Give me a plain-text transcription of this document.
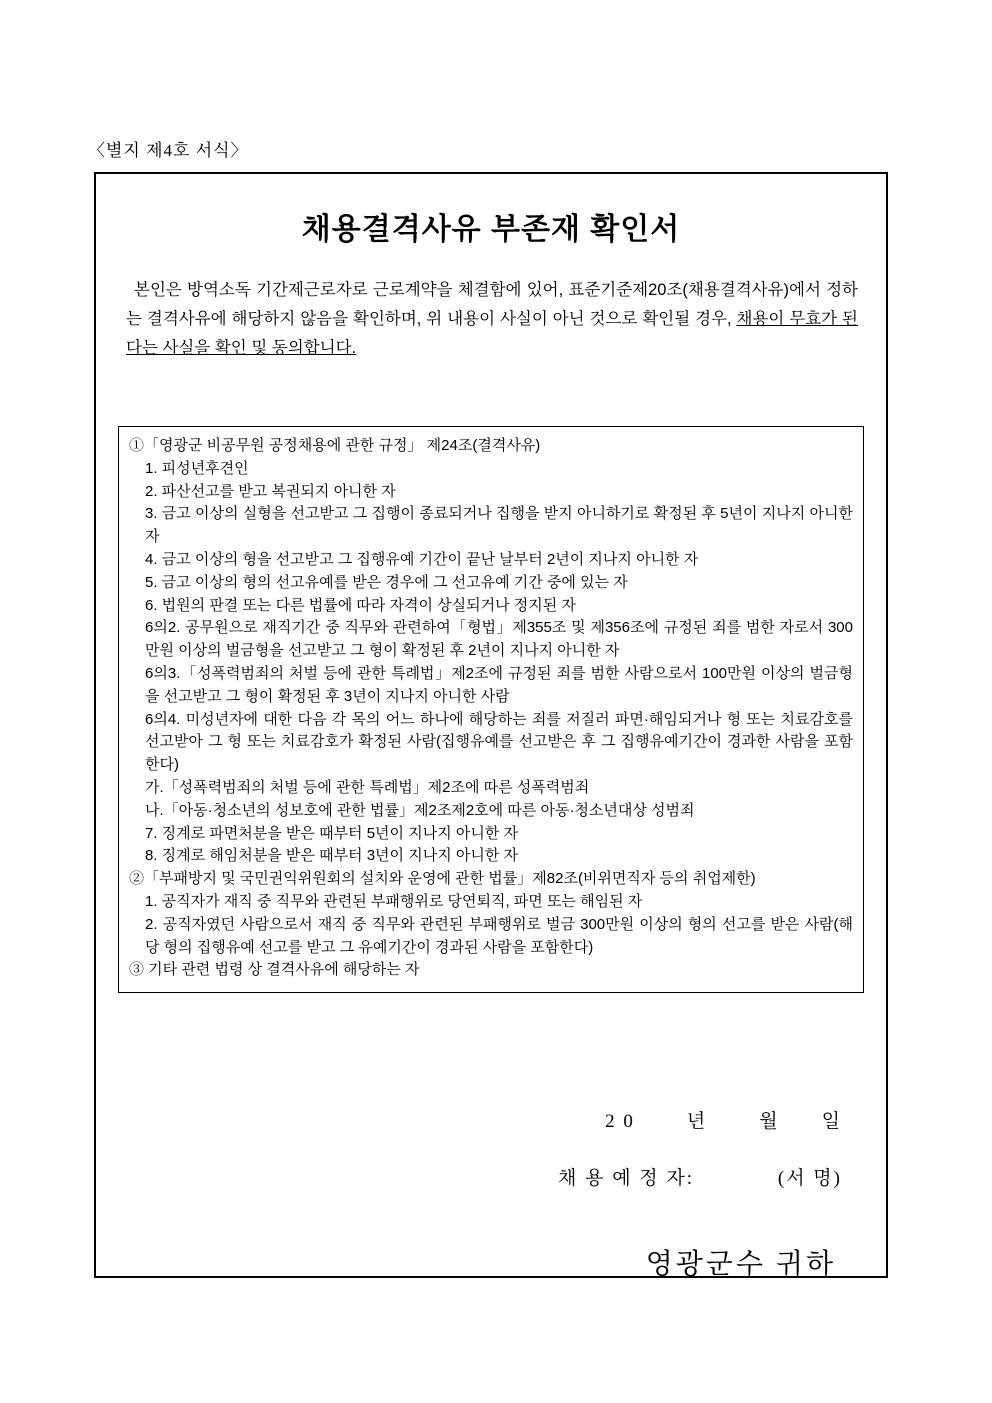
〈별지 제4호 서식〉
채용결격사유 부존재 확인서
본인은 방역소독 기간제근로자로 근로계약을 체결함에 있어, 표준기준제20조(채용결격사유)에서 정하는 결격사유에 해당하지 않음을 확인하며, 위 내용이 사실이 아닌 것으로 확인될 경우, 채용이 무효가 된다는 사실을 확인 및 동의합니다.
①「영광군 비공무원 공정채용에 관한 규정」 제24조(결격사유)
1. 피성년후견인
2. 파산선고를 받고 복권되지 아니한 자
3. 금고 이상의 실형을 선고받고 그 집행이 종료되거나 집행을 받지 아니하기로 확정된 후 5년이 지나지 아니한 자
4. 금고 이상의 형을 선고받고 그 집행유예 기간이 끝난 날부터 2년이 지나지 아니한 자
5. 금고 이상의 형의 선고유예를 받은 경우에 그 선고유예 기간 중에 있는 자
6. 법원의 판결 또는 다른 법률에 따라 자격이 상실되거나 정지된 자
6의2. 공무원으로 재직기간 중 직무와 관련하여「형법」제355조 및 제356조에 규정된 죄를 범한 자로서 300만원 이상의 벌금형을 선고받고 그 형이 확정된 후 2년이 지나지 아니한 자
6의3.「성폭력범죄의 처벌 등에 관한 특례법」제2조에 규정된 죄를 범한 사람으로서 100만원 이상의 벌금형을 선고받고 그 형이 확정된 후 3년이 지나지 아니한 사람
6의4. 미성년자에 대한 다음 각 목의 어느 하나에 해당하는 죄를 저질러 파면·해임되거나 형 또는 치료감호를 선고받아 그 형 또는 치료감호가 확정된 사람(집행유예를 선고받은 후 그 집행유예기간이 경과한 사람을 포함한다)
가.「성폭력범죄의 처벌 등에 관한 특례법」제2조에 따른 성폭력범죄
나.「아동·청소년의 성보호에 관한 법률」제2조제2호에 따른 아동·청소년대상 성범죄
7. 징계로 파면처분을 받은 때부터 5년이 지나지 아니한 자
8. 징계로 해임처분을 받은 때부터 3년이 지나지 아니한 자
②「부패방지 및 국민권익위원회의 설치와 운영에 관한 법률」제82조(비위면직자 등의 취업제한)
1. 공직자가 재직 중 직무와 관련된 부패행위로 당연퇴직, 파면 또는 해임된 자
2. 공직자였던 사람으로서 재직 중 직무와 관련된 부패행위로 벌금 300만원 이상의 형의 선고를 받은 사람(해당 형의 집행유예 선고를 받고 그 유예기간이 경과된 사람을 포함한다)
③ 기타 관련 법령 상 결격사유에 해당하는 자
2 0	년	월 일
채 용 예 정 자:	(서 명)
영광군수 귀하
